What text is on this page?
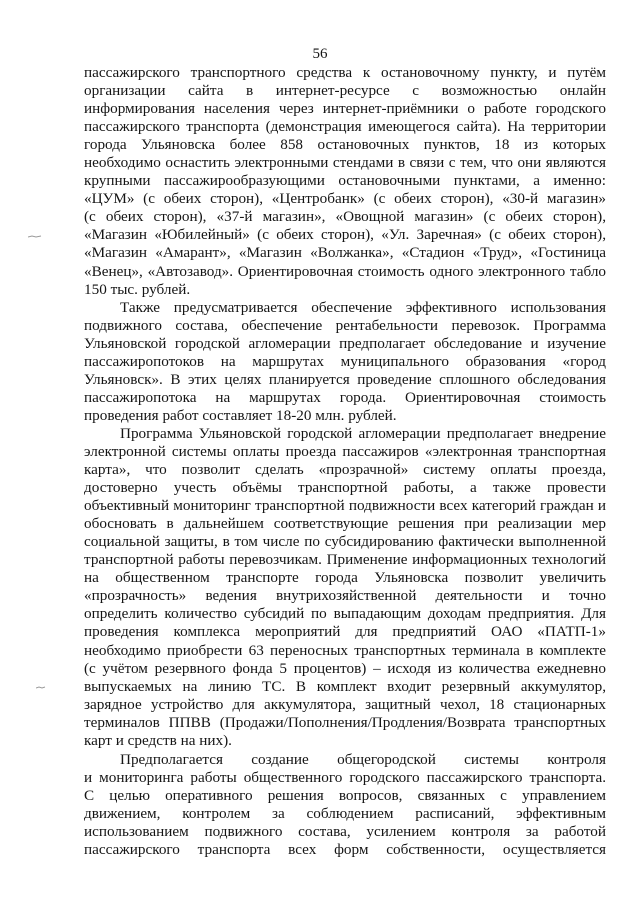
56
пассажирского транспортного средства к остановочному пункту, и путём
организации сайта в интернет-ресурсе с возможностью онлайн
информирования населения через интернет-приёмники о работе городского
пассажирского транспорта (демонстрация имеющегося сайта). На территории
города Ульяновска более 858 остановочных пунктов, 18 из которых
необходимо оснастить электронными стендами в связи с тем, что они являются
крупными пассажирообразующими остановочными пунктами, а именно:
«ЦУМ» (с обеих сторон), «Центробанк» (с обеих сторон), «30-й магазин»
(с обеих сторон), «37-й магазин», «Овощной магазин» (с обеих сторон),
«Магазин «Юбилейный» (с обеих сторон), «Ул. Заречная» (с обеих сторон),
«Магазин «Амарант», «Магазин «Волжанка», «Стадион «Труд», «Гостиница
«Венец», «Автозавод». Ориентировочная стоимость одного электронного табло
150 тыс. рублей.
Также предусматривается обеспечение эффективного использования
подвижного состава, обеспечение рентабельности перевозок. Программа
Ульяновской городской агломерации предполагает обследование и изучение
пассажиропотоков на маршрутах муниципального образования «город
Ульяновск». В этих целях планируется проведение сплошного обследования
пассажиропотока на маршрутах города. Ориентировочная стоимость
проведения работ составляет 18-20 млн. рублей.
Программа Ульяновской городской агломерации предполагает внедрение
электронной системы оплаты проезда пассажиров «электронная транспортная
карта», что позволит сделать «прозрачной» систему оплаты проезда,
достоверно учесть объёмы транспортной работы, а также провести
объективный мониторинг транспортной подвижности всех категорий граждан и
обосновать в дальнейшем соответствующие решения при реализации мер
социальной защиты, в том числе по субсидированию фактически выполненной
транспортной работы перевозчикам. Применение информационных технологий
на общественном транспорте города Ульяновска позволит увеличить
«прозрачность» ведения внутрихозяйственной деятельности и точно
определить количество субсидий по выпадающим доходам предприятия. Для
проведения комплекса мероприятий для предприятий ОАО «ПАТП-1»
необходимо приобрести 63 переносных транспортных терминала в комплекте
(с учётом резервного фонда 5 процентов) – исходя из количества ежедневно
выпускаемых на линию ТС. В комплект входит резервный аккумулятор,
зарядное устройство для аккумулятора, защитный чехол, 18 стационарных
терминалов ППВВ (Продажи/Пополнения/Продления/Возврата транспортных
карт и средств на них).
Предполагается создание общегородской системы контроля
и мониторинга работы общественного городского пассажирского транспорта.
С целью оперативного решения вопросов, связанных с управлением
движением, контролем за соблюдением расписаний, эффективным
использованием подвижного состава, усилением контроля за работой
пассажирского транспорта всех форм собственности, осуществляется
